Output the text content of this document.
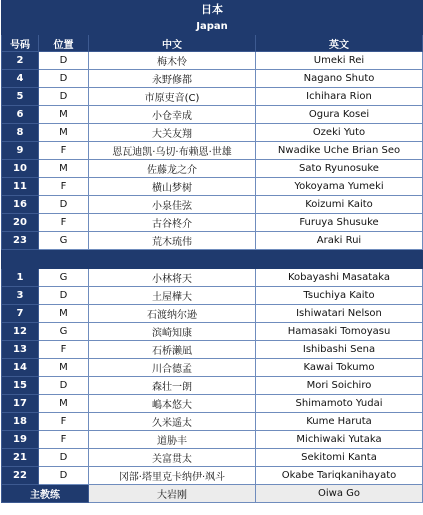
日本			
Japan			
号码	位置	中文	英文
2	D	梅木怜	Umeki Rei
4	D	永野修都	Nagano Shuto
5	D	市原吏音(C)	Ichihara Rion
6	M	小仓幸成	Ogura Kosei
8	M	大关友翔	Ozeki Yuto
9	F	恩瓦迪凯·乌切·布赖恩·世雄	Nwadike Uche Brian Seo
10	M	佐藤龙之介	Sato Ryunosuke
11	F	横山梦树	Yokoyama Yumeki
16	D	小泉佳弦	Koizumi Kaito
20	F	古谷柊介	Furuya Shusuke
23	G	荒木琉伟	Araki Rui

1	G	小林将天	Kobayashi Masataka
3	D	土屋樺大	Tsuchiya Kaito
7	M	石渡纳尔逊	Ishiwatari Nelson
12	G	滨崎知康	Hamasaki Tomoyasu
13	F	石桥濑凪	Ishibashi Sena
14	M	川合德孟	Kawai Tokumo
15	D	森壮一朗	Mori Soichiro
17	M	嶋本悠大	Shimamoto Yudai
18	F	久米遥太	Kume Haruta
19	F	道胁丰	Michiwaki Yutaka
21	D	关富贯太	Sekitomi Kanta
22	D	冈部·塔里克卡纳伊·飒斗	Okabe Tariqkanihayato
主教练		大岩刚	Oiwa Go
